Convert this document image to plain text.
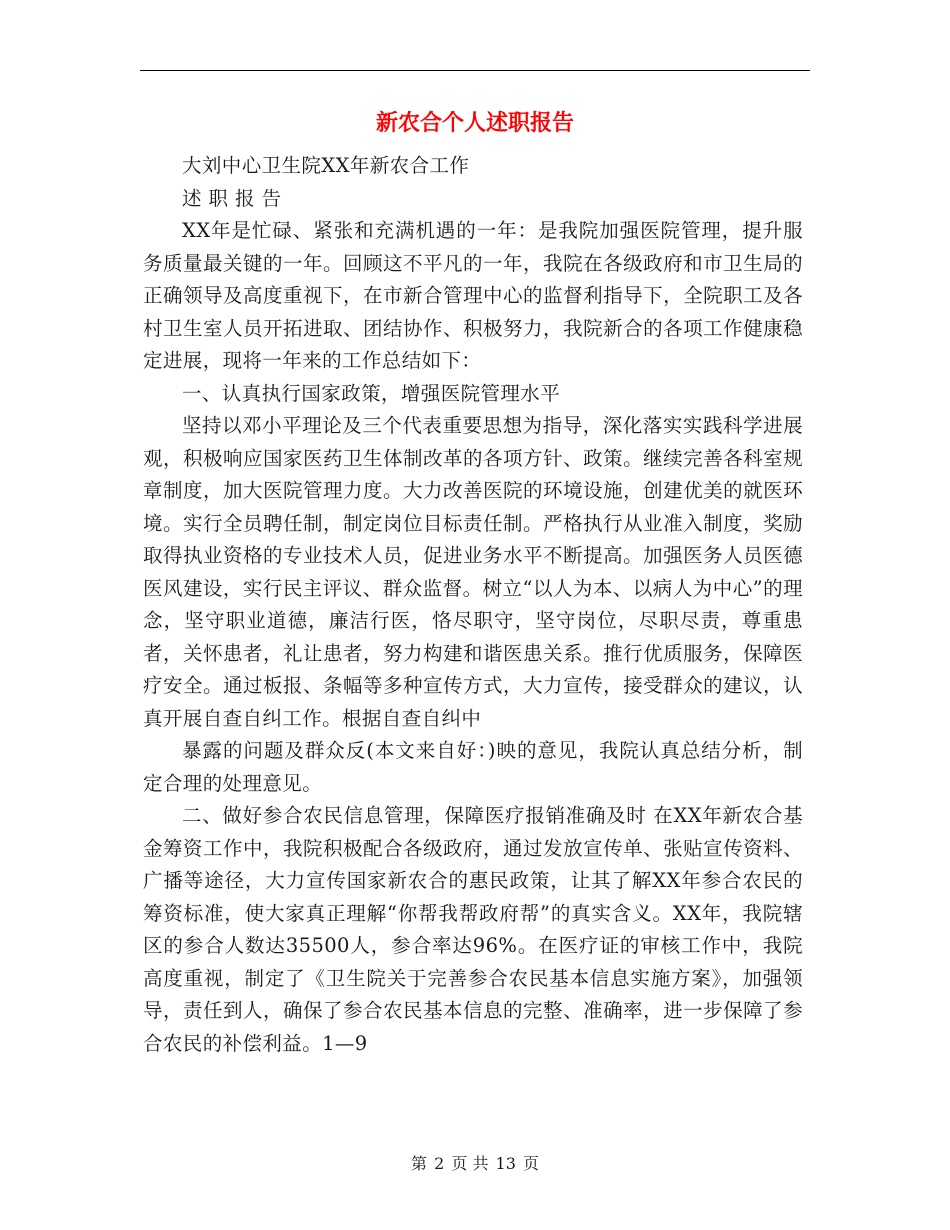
新农合个人述职报告

大刘中心卫生院XX年新农合工作

述 职 报 告

XX年是忙碌、紧张和充满机遇的一年：是我院加强医院管理，提升服务质量最关键的一年。回顾这不平凡的一年，我院在各级政府和市卫生局的正确领导及高度重视下，在市新合管理中心的监督利指导下，全院职工及各村卫生室人员开拓进取、团结协作、积极努力，我院新合的各项工作健康稳定进展，现将一年来的工作总结如下：

一、认真执行国家政策，增强医院管理水平

坚持以邓小平理论及三个代表重要思想为指导，深化落实实践科学进展观，积极响应国家医药卫生体制改革的各项方针、政策。继续完善各科室规章制度，加大医院管理力度。大力改善医院的环境设施，创建优美的就医环境。实行全员聘任制，制定岗位目标责任制。严格执行从业准入制度，奖励取得执业资格的专业技术人员，促进业务水平不断提高。加强医务人员医德医风建设，实行民主评议、群众监督。树立“以人为本、以病人为中心”的理念，坚守职业道德，廉洁行医，恪尽职守，坚守岗位，尽职尽责，尊重患者，关怀患者，礼让患者，努力构建和谐医患关系。推行优质服务，保障医疗安全。通过板报、条幅等多种宣传方式，大力宣传，接受群众的建议，认真开展自查自纠工作。根据自查自纠中

暴露的问题及群众反(本文来自好：)映的意见，我院认真总结分析，制定合理的处理意见。

二、做好参合农民信息管理，保障医疗报销准确及时 在XX年新农合基金筹资工作中，我院积极配合各级政府，通过发放宣传单、张贴宣传资料、广播等途径，大力宣传国家新农合的惠民政策，让其了解XX年参合农民的筹资标准，使大家真正理解“你帮我帮政府帮”的真实含义。XX年，我院辖区的参合人数达35500人，参合率达96%。在医疗证的审核工作中，我院高度重视，制定了《卫生院关于完善参合农民基本信息实施方案》，加强领导，责任到人，确保了参合农民基本信息的完整、准确率，进一步保障了参合农民的补偿利益。1—9

第 2 页 共 13 页
